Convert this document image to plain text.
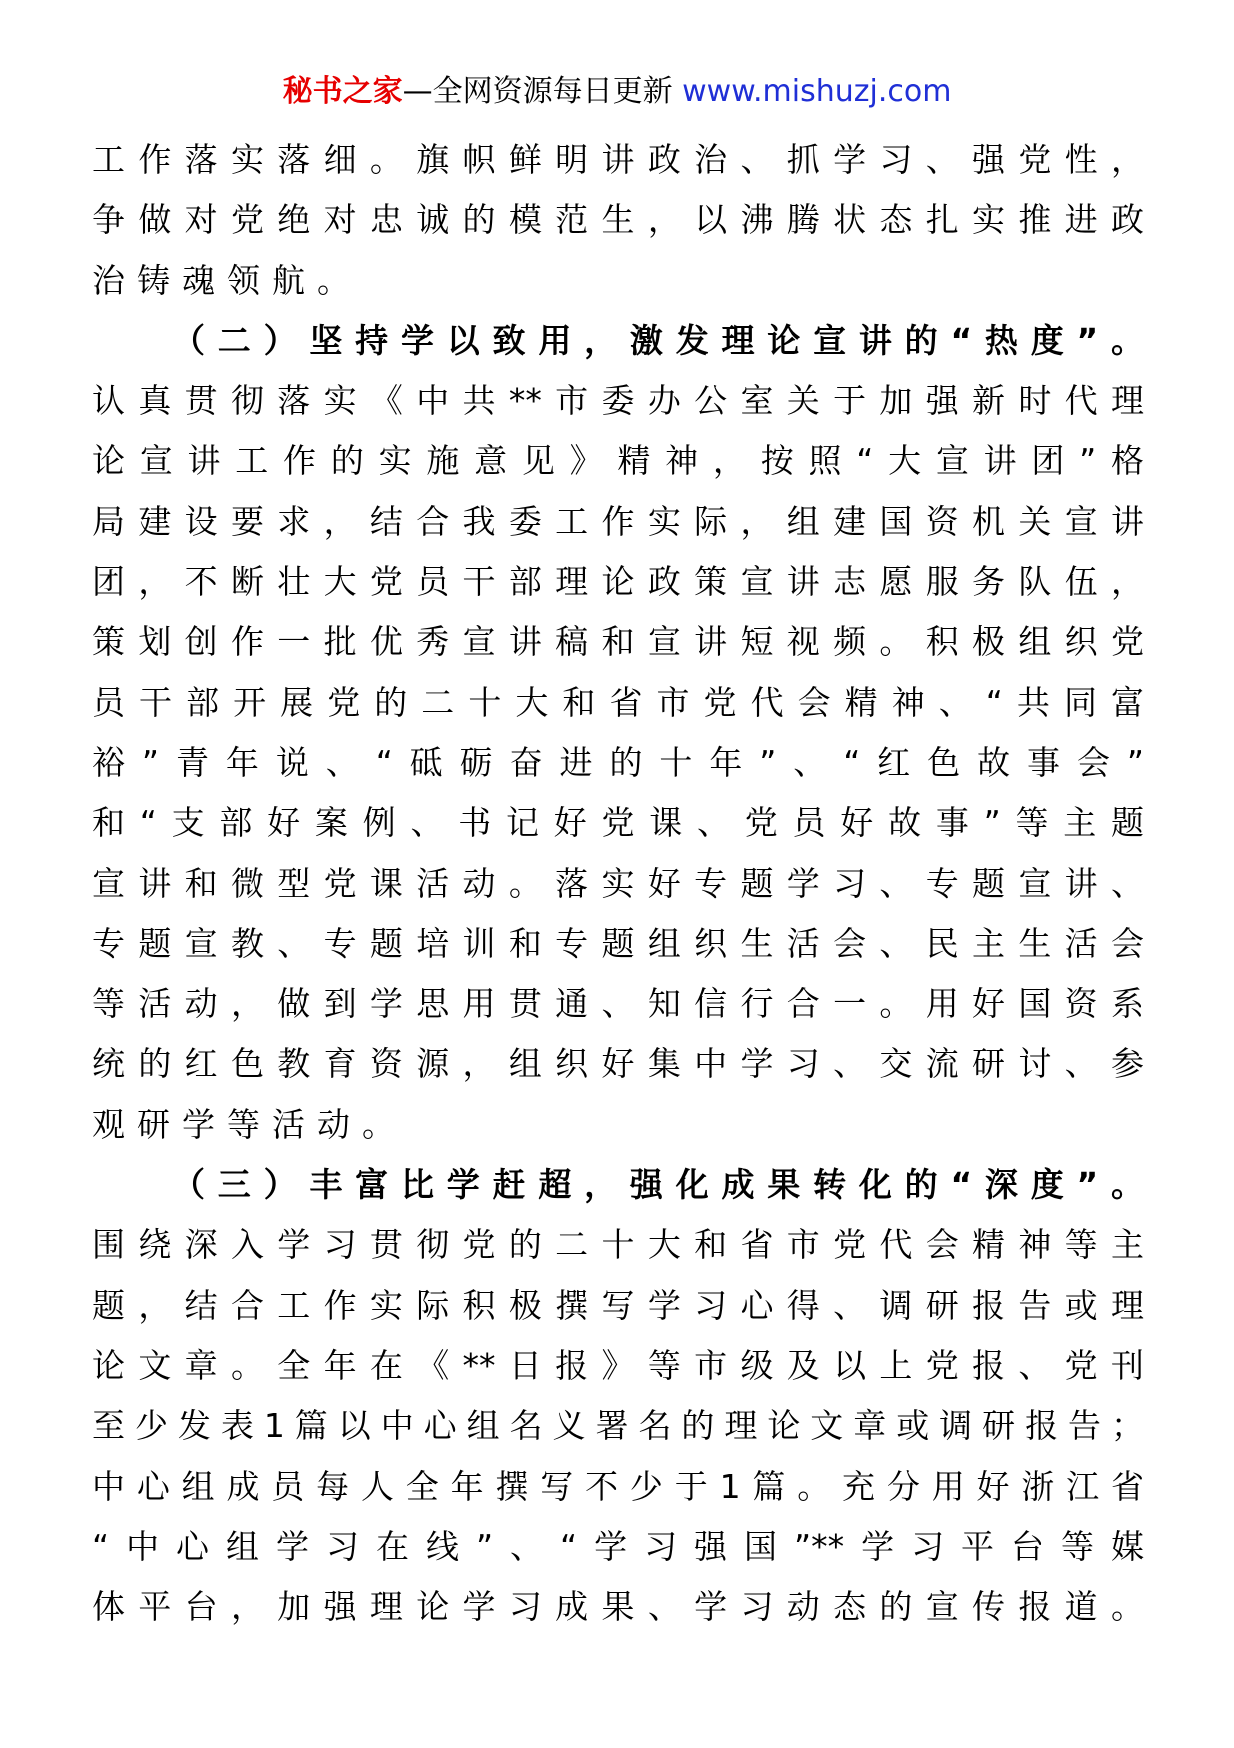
秘书之家—全网资源每日更新 www.mishuzj.com
工作落实落细。旗帜鲜明讲政治、抓学习、强党性，
争做对党绝对忠诚的模范生，以沸腾状态扎实推进政
治铸魂领航。
（二）坚持学以致用，激发理论宣讲的“热度”。
认真贯彻落实《中共**市委办公室关于加强新时代理
论宣讲工作的实施意见》精神，按照“大宣讲团”格
局建设要求，结合我委工作实际，组建国资机关宣讲
团，不断壮大党员干部理论政策宣讲志愿服务队伍，
策划创作一批优秀宣讲稿和宣讲短视频。积极组织党
员干部开展党的二十大和省市党代会精神、“共同富
裕”青年说、“砥砺奋进的十年”、“红色故事会”
和“支部好案例、书记好党课、党员好故事”等主题
宣讲和微型党课活动。落实好专题学习、专题宣讲、
专题宣教、专题培训和专题组织生活会、民主生活会
等活动，做到学思用贯通、知信行合一。用好国资系
统的红色教育资源，组织好集中学习、交流研讨、参
观研学等活动。
（三）丰富比学赶超，强化成果转化的“深度”。
围绕深入学习贯彻党的二十大和省市党代会精神等主
题，结合工作实际积极撰写学习心得、调研报告或理
论文章。全年在《**日报》等市级及以上党报、党刊
至少发表1篇以中心组名义署名的理论文章或调研报告；
中心组成员每人全年撰写不少于1篇。充分用好浙江省
“中心组学习在线”、“学习强国”**学习平台等媒
体平台，加强理论学习成果、学习动态的宣传报道。
